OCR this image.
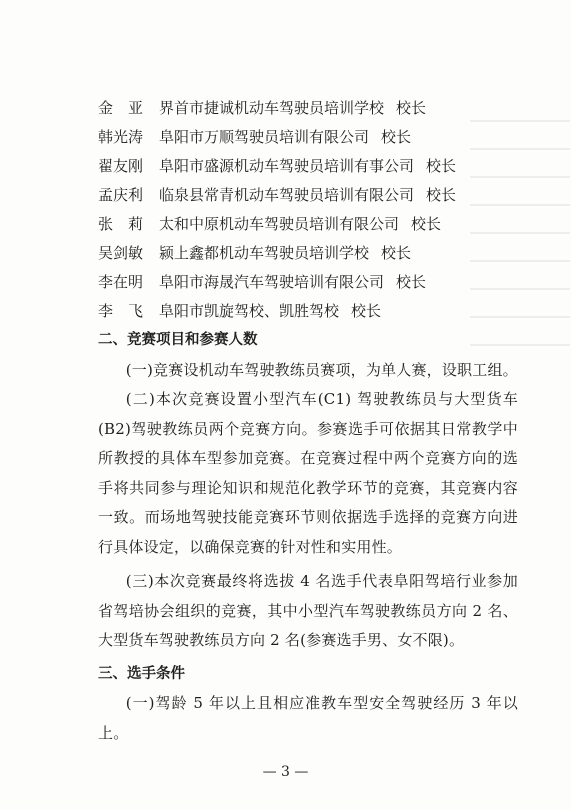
金　亚 界首市捷诚机动车驾驶员培训学校 校长
韩光涛 阜阳市万顺驾驶员培训有限公司 校长
翟友刚 阜阳市盛源机动车驾驶员培训有事公司 校长
孟庆利 临泉县常青机动车驾驶员培训有限公司 校长
张　莉 太和中原机动车驾驶员培训有限公司 校长
吴剑敏 颍上鑫都机动车驾驶员培训学校 校长
李在明 阜阳市海晟汽车驾驶培训有限公司 校长
李　飞 阜阳市凯旋驾校、凯胜驾校 校长

二、竞赛项目和参赛人数

(一)竞赛设机动车驾驶教练员赛项，为单人赛，设职工组。

(二)本次竞赛设置小型汽车(C1) 驾驶教练员与大型货车(B2)驾驶教练员两个竞赛方向。参赛选手可依据其日常教学中所教授的具体车型参加竞赛。在竞赛过程中两个竞赛方向的选手将共同参与理论知识和规范化教学环节的竞赛，其竞赛内容一致。而场地驾驶技能竞赛环节则依据选手选择的竞赛方向进行具体设定，以确保竞赛的针对性和实用性。

(三)本次竞赛最终将选拔 4 名选手代表阜阳驾培行业参加省驾培协会组织的竞赛，其中小型汽车驾驶教练员方向 2 名、大型货车驾驶教练员方向 2 名(参赛选手男、女不限)。

三、选手条件

(一)驾龄 5 年以上且相应准教车型安全驾驶经历 3 年以上。

— 3 —
